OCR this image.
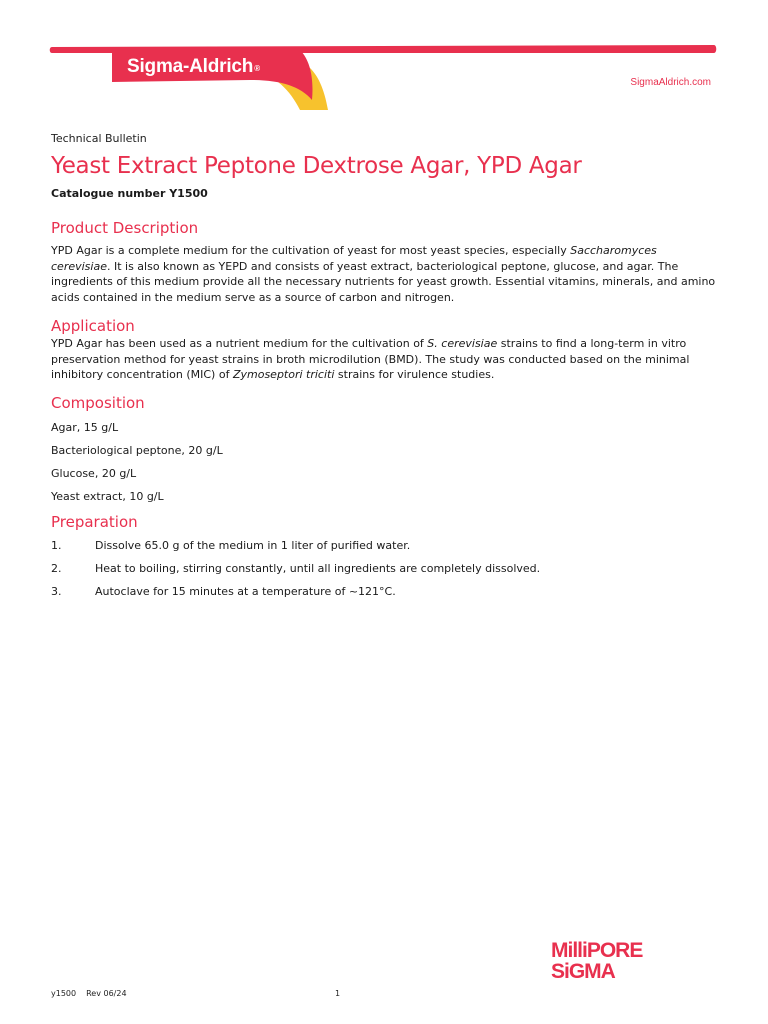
Sigma-Aldrich®
SigmaAldrich.com

Technical Bulletin

Yeast Extract Peptone Dextrose Agar, YPD Agar

Catalogue number Y1500

Product Description

YPD Agar is a complete medium for the cultivation of yeast for most yeast species, especially Saccharomyces cerevisiae. It is also known as YEPD and consists of yeast extract, bacteriological peptone, glucose, and agar. The ingredients of this medium provide all the necessary nutrients for yeast growth. Essential vitamins, minerals, and amino acids contained in the medium serve as a source of carbon and nitrogen.

Application

YPD Agar has been used as a nutrient medium for the cultivation of S. cerevisiae strains to find a long-term in vitro preservation method for yeast strains in broth microdilution (BMD). The study was conducted based on the minimal inhibitory concentration (MIC) of Zymoseptori triciti strains for virulence studies.

Composition
Agar, 15 g/L
Bacteriological peptone, 20 g/L
Glucose, 20 g/L
Yeast extract, 10 g/L
Preparation
1.	Dissolve 65.0 g of the medium in 1 liter of purified water.
2.	Heat to boiling, stirring constantly, until all ingredients are completely dissolved.
3.	Autoclave for 15 minutes at a temperature of ~121°C.
MilliPORE
SiGMA
y1500 Rev 06/24	1
